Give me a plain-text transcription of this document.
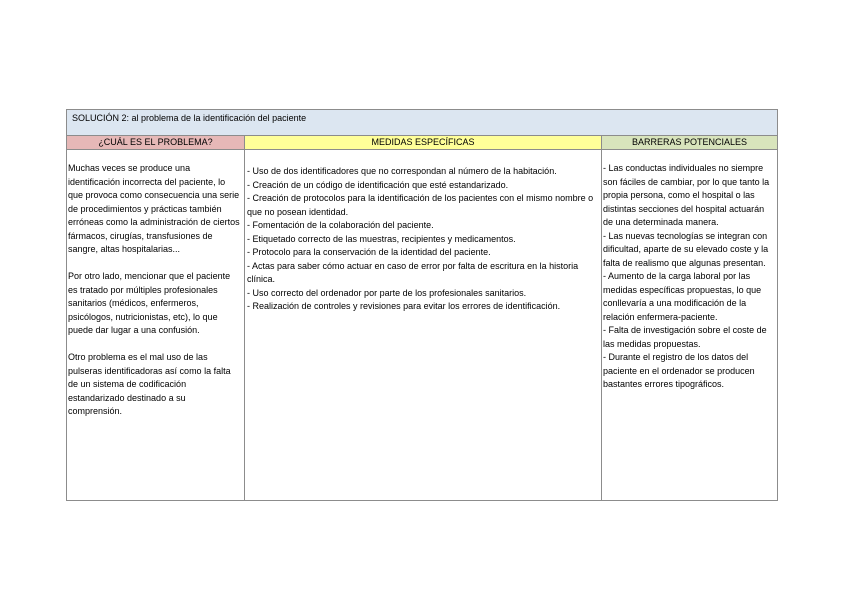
SOLUCIÓN 2: al problema de la identificación del paciente
¿CUÁL ES EL PROBLEMA?	MEDIDAS ESPECÍFICAS	BARRERAS POTENCIALES

Muchas veces se produce una identificación incorrecta del paciente, lo que provoca como consecuencia una serie de procedimientos y prácticas también erróneas como la administración de ciertos fármacos, cirugías, transfusiones de sangre, altas hospitalarias...

Por otro lado, mencionar que el paciente es tratado por múltiples profesionales sanitarios (médicos, enfermeros, psicólogos, nutricionistas, etc), lo que puede dar lugar a una confusión.

Otro problema es el mal uso de las pulseras identificadoras así como la falta de un sistema de codificación estandarizado destinado a su comprensión.

- Uso de dos identificadores que no correspondan al número de la habitación.

- Creación de un código de identificación que esté estandarizado.

- Creación de protocolos para la identificación de los pacientes con el mismo nombre o que no posean identidad.

- Fomentación de la colaboración del paciente.

- Etiquetado correcto de las muestras, recipientes y medicamentos.

- Protocolo para la conservación de la identidad del paciente.

- Actas para saber cómo actuar en caso de error por falta de escritura en la historia clínica.

- Uso correcto del ordenador por parte de los profesionales sanitarios.

- Realización de controles y revisiones para evitar los errores de identificación.

- Las conductas individuales no siempre son fáciles de cambiar, por lo que tanto la propia persona, como el hospital o las distintas secciones del hospital actuarán de una determinada manera.

- Las nuevas tecnologías se integran con dificultad, aparte de su elevado coste y la falta de realismo que algunas presentan.

- Aumento de la carga laboral por las medidas específicas propuestas, lo que conllevaría a una modificación de la relación enfermera-paciente.

- Falta de investigación sobre el coste de las medidas propuestas.

- Durante el registro de los datos del paciente en el ordenador se producen bastantes errores tipográficos.
